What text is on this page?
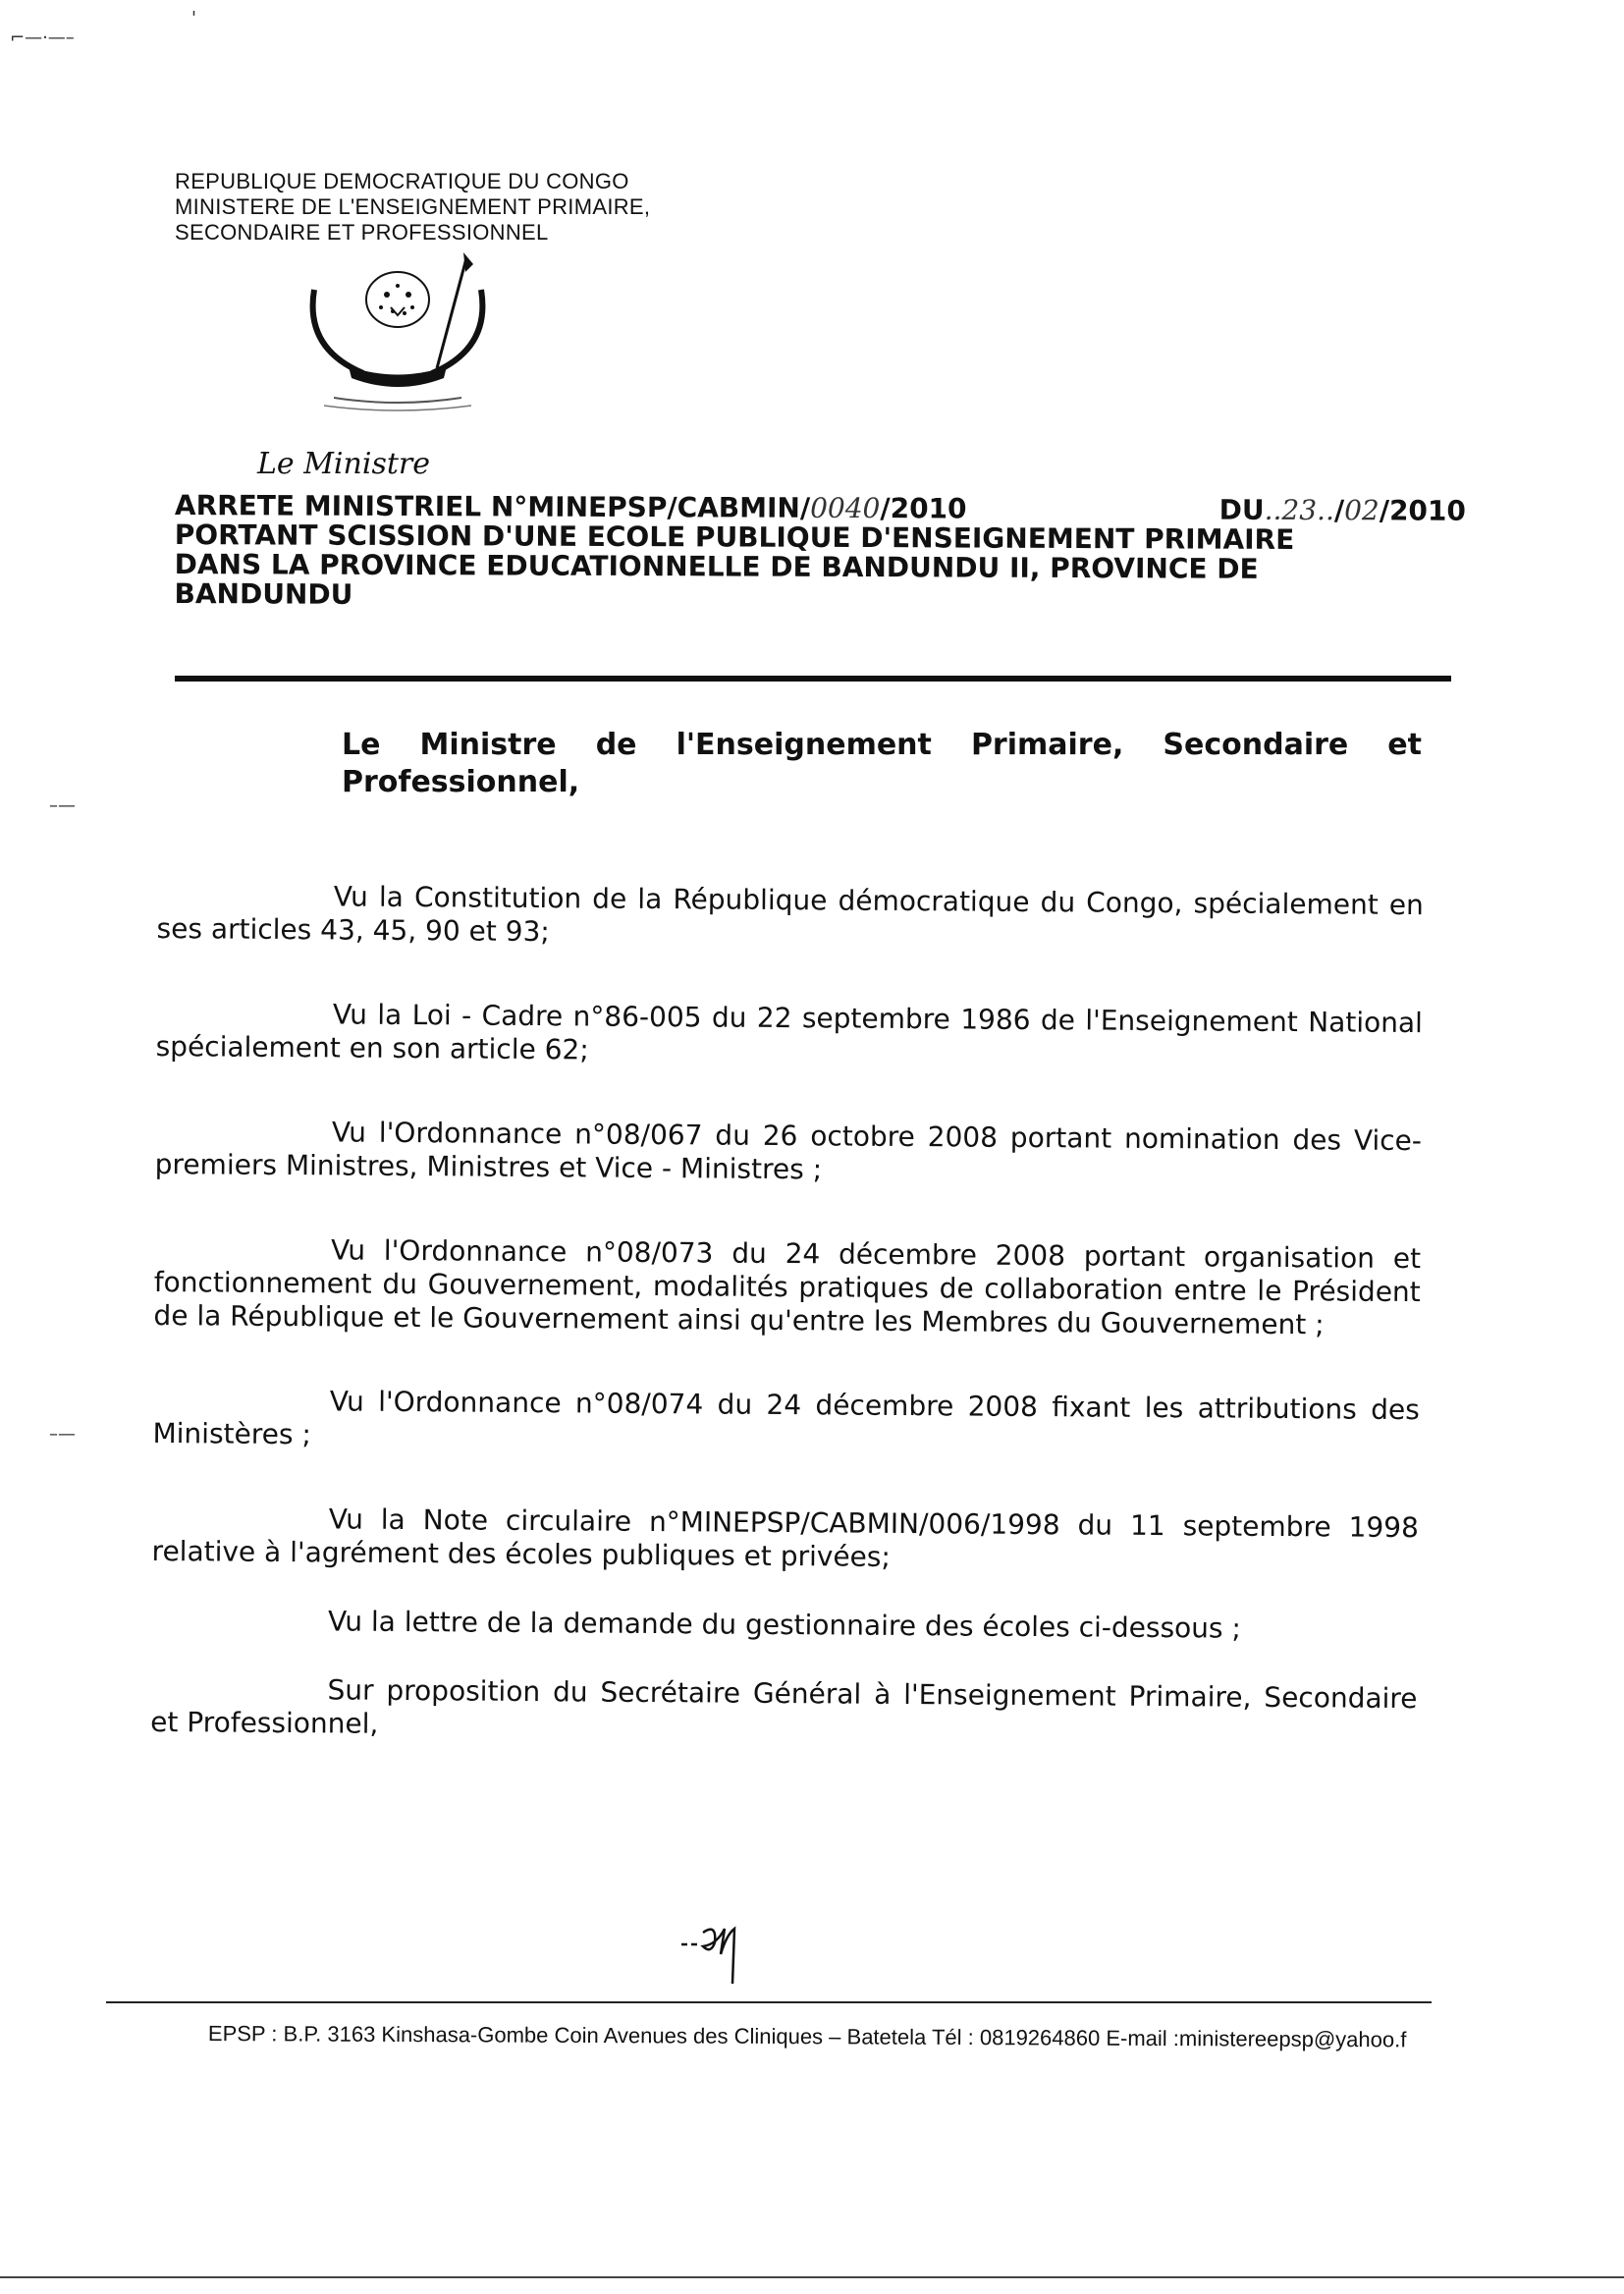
⌐—·—–
'
–—
–—
REPUBLIQUE DEMOCRATIQUE DU CONGO
MINISTERE DE L'ENSEIGNEMENT PRIMAIRE,
SECONDAIRE ET PROFESSIONNEL
Le Ministre
ARRETE MINISTRIEL N°MINEPSP/CABMIN/0040/2010	DU..23../02/2010
PORTANT SCISSION D'UNE ECOLE PUBLIQUE D'ENSEIGNEMENT PRIMAIRE
DANS LA PROVINCE EDUCATIONNELLE DE BANDUNDU II, PROVINCE DE
BANDUNDU
Le Ministre de l'Enseignement Primaire, Secondaire et Professionnel,

Vu la Constitution de la République démocratique du Congo, spécialement en ses articles 43, 45, 90 et 93;

Vu la Loi - Cadre n°86-005 du 22 septembre 1986 de l'Enseignement National spécialement en son article 62;

Vu l'Ordonnance n°08/067 du 26 octobre 2008 portant nomination des Vice-premiers Ministres, Ministres et Vice - Ministres ;

Vu l'Ordonnance n°08/073 du 24 décembre 2008 portant organisation et fonctionnement du Gouvernement, modalités pratiques de collaboration entre le Président de la République et le Gouvernement ainsi qu'entre les Membres du Gouvernement ;

Vu l'Ordonnance n°08/074 du 24 décembre 2008 fixant les attributions des Ministères ;

Vu la Note circulaire n°MINEPSP/CABMIN/006/1998 du 11 septembre 1998 relative à l'agrément des écoles publiques et privées;

Vu la lettre de la demande du gestionnaire des écoles ci-dessous ;

Sur proposition du Secrétaire Général à l'Enseignement Primaire, Secondaire et Professionnel,

EPSP : B.P. 3163 Kinshasa-Gombe Coin Avenues des Cliniques – Batetela Tél : 0819264860 E-mail :ministereepsp@yahoo.f
